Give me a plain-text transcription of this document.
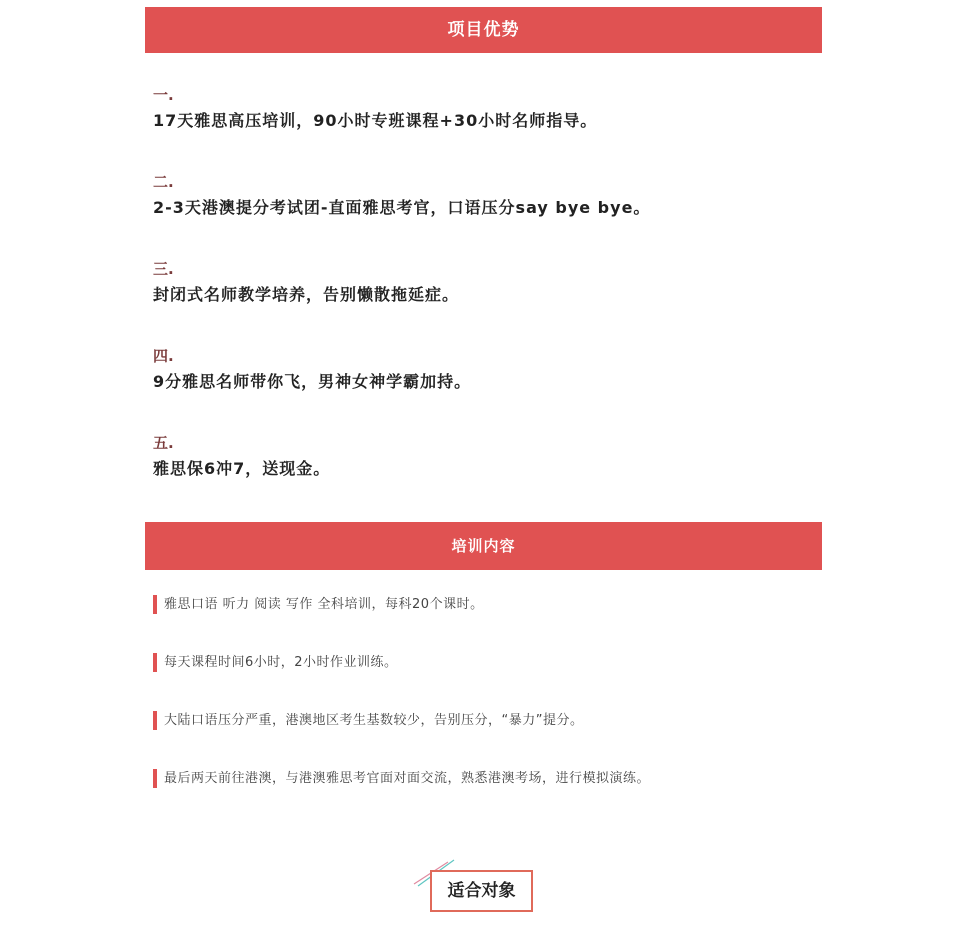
项目优势
一.
17天雅思高压培训，90小时专班课程+30小时名师指导。
二.
2-3天港澳提分考试团-直面雅思考官，口语压分say bye bye。
三.
封闭式名师教学培养，告别懒散拖延症。
四.
9分雅思名师带你飞，男神女神学霸加持。
五.
雅思保6冲7，送现金。
培训内容
雅思口语 听力 阅读 写作 全科培训，每科20个课时。
每天课程时间6小时，2小时作业训练。
大陆口语压分严重，港澳地区考生基数较少，告别压分，“暴力”提分。
最后两天前往港澳，与港澳雅思考官面对面交流，熟悉港澳考场，进行模拟演练。
适合对象
